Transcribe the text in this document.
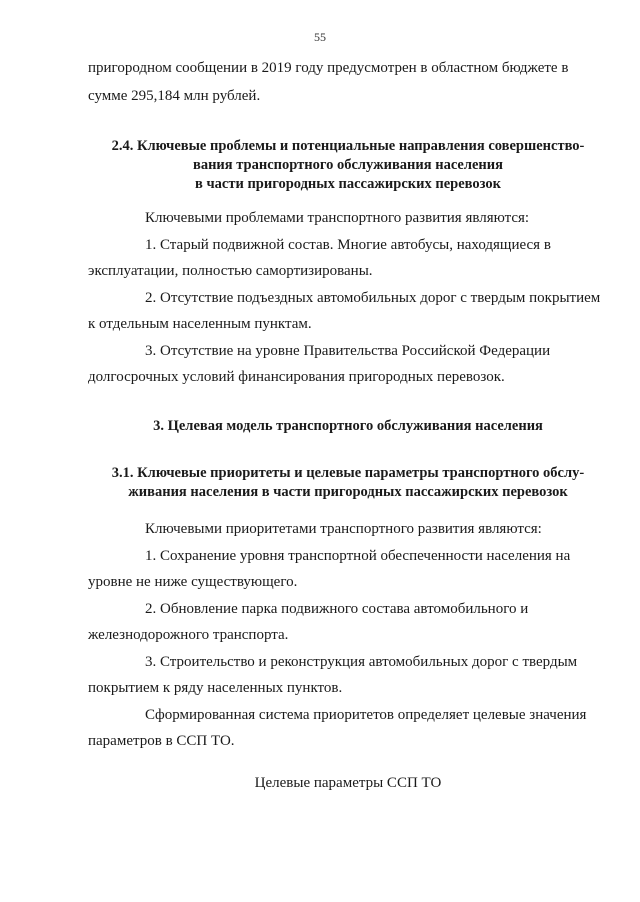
55
пригородном сообщении в 2019 году предусмотрен в областном бюджете в
сумме 295,184 млн рублей.
2.4. Ключевые проблемы и потенциальные направления совершенство-
вания транспортного обслуживания населения
в части пригородных пассажирских перевозок
Ключевыми проблемами транспортного развития являются:
1. Старый подвижной состав. Многие автобусы, находящиеся в
эксплуатации, полностью самортизированы.
2. Отсутствие подъездных автомобильных дорог с твердым покрытием
к отдельным населенным пунктам.
3. Отсутствие на уровне Правительства Российской Федерации
долгосрочных условий финансирования пригородных перевозок.
3. Целевая модель транспортного обслуживания населения
3.1. Ключевые приоритеты и целевые параметры транспортного обслу-
живания населения в части пригородных пассажирских перевозок
Ключевыми приоритетами транспортного развития являются:
1. Сохранение уровня транспортной обеспеченности населения на
уровне не ниже существующего.
2. Обновление парка подвижного состава автомобильного и
железнодорожного транспорта.
3. Строительство и реконструкция автомобильных дорог с твердым
покрытием к ряду населенных пунктов.
Сформированная система приоритетов определяет целевые значения
параметров в ССП ТО.
Целевые параметры ССП ТО
